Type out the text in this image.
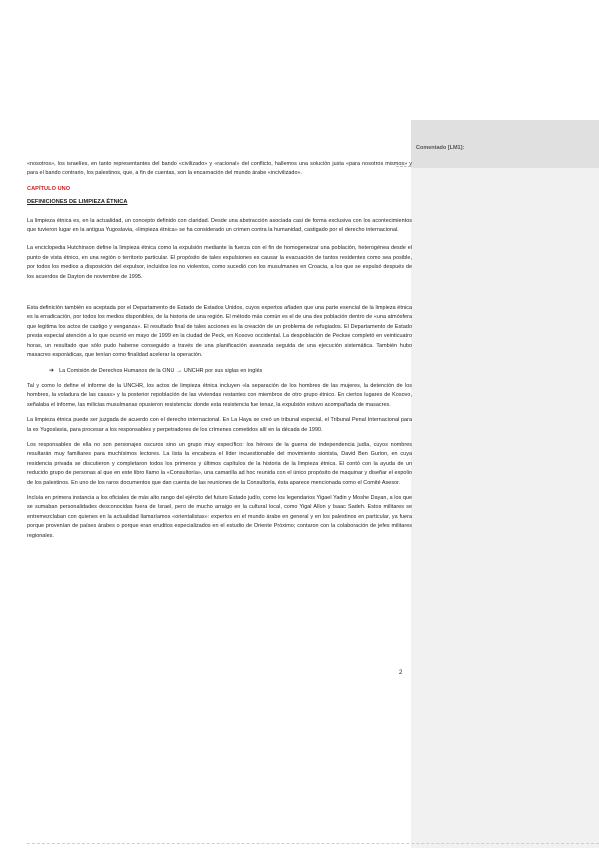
Comentado [LM1]:

«nosotros», los israelíes, en tanto representantes del bando «civilizado» y «racional» del conflicto, hallemos una solución justa «para nosotros mismos» y para el bando contrario, los palestinos, que, a fin de cuentas, son la encarnación del mundo árabe «incivilizado».

CAPÍTULO UNO

DEFINICIONES DE LIMPIEZA ÉTNICA

La limpieza étnica es, en la actualidad, un concepto definido con claridad. Desde una abstracción asociada casi de forma exclusiva con los acontecimientos que tuvieron lugar en la antigua Yugoslavia, «limpieza étnica» se ha considerado un crimen contra la humanidad, castigado por el derecho internacional.

La enciclopedia Hutchinson define la limpieza étnica como la expulsión mediante la fuerza con el fin de homogeneizar una población, heterogénea desde el punto de vista étnico, en una región o territorio particular. El propósito de tales expulsiones es causar la evacuación de tantos residentes como sea posible, por todos los medios a disposición del expulsor, incluidos los no violentos, como sucedió con los musulmanes en Croacia, a los que se expulsó después de los acuerdos de Dayton de noviembre de 1995.

Esta definición también es aceptada por el Departamento de Estado de Estados Unidos, cuyos expertos añaden que una parte esencial de la limpieza étnica es la erradicación, por todos los medios disponibles, de la historia de una región. El método más común es el de una des población dentro de «una atmósfera que legitima los actos de castigo y venganza». El resultado final de tales acciones es la creación de un problema de refugiados. El Departamento de Estado presta especial atención a lo que ocurrió en mayo de 1999 en la ciudad de Peck, en Kosovo occidental. La despoblación de Peckse completó en veinticuatro horas, un resultado que sólo pudo haberse conseguido a través de una planificación avanzada seguida de una ejecución sistemática. También hubo masacres esporádicas, que tenían como finalidad acelerar la operación.

➔ La Comisión de Derechos Humanos de la ONU → UNCHR por sus siglas en inglés

Tal y como lo define el informe de la UNCHR, los actos de limpieza étnica incluyen «la separación de los hombres de las mujeres, la detención de los hombres, la voladura de las casas» y la posterior repoblación de las viviendas restantes con miembros de otro grupo étnico. En ciertos lugares de Kosovo, señalaba el informe, las milicias musulmanas opusieron resistencia: donde esta resistencia fue tenaz, la expulsión estuvo acompañada de masacres.

La limpieza étnica puede ser juzgada de acuerdo con el derecho internacional. En La Haya se creó un tribunal especial, el Tribunal Penal Internacional para la ex Yugoslavia, para procesar a los responsables y perpetradores de los crímenes cometidos allí en la década de 1990.

Los responsables de ella no son personajes oscuros sino un grupo muy específico: los héroes de la guerra de independencia judía, cuyos nombres resultarán muy familiares para muchísimos lectores. La lista la encabeza el líder incuestionable del movimiento sionista, David Ben Gurion, en cuya residencia privada se discutieron y completaron todos los primeros y últimos capítulos de la historia de la limpieza étnica. El contó con la ayuda de un reducido grupo de personas al que en este libro llamo la «Consultoría», una camarilla ad hoc reunida con el único propósito de maquinar y diseñar el expolio de los palestinos. En uno de los raros documentos que dan cuenta de las reuniones de la Consultoría, ésta aparece mencionada como el Comité Asesor.

Incluía en primera instancia a los oficiales de más alto rango del ejército del futuro Estado judío, como los legendarios Yigael Yadin y Moshe Dayan, a los que se sumaban personalidades desconocidas fuera de Israel, pero de mucho arraigo en la cultural local, como Yigal Allon y Isaac Sadeh. Estos militares se entremezclaban con quienes en la actualidad llamaríamos «orientalistas»: expertos en el mundo árabe en general y en los palestinos en particular, ya fuera porque provenían de países árabes o porque eran eruditos especializados en el estudio de Oriente Próximo; contaron con la colaboración de jefes militares regionales.

2
